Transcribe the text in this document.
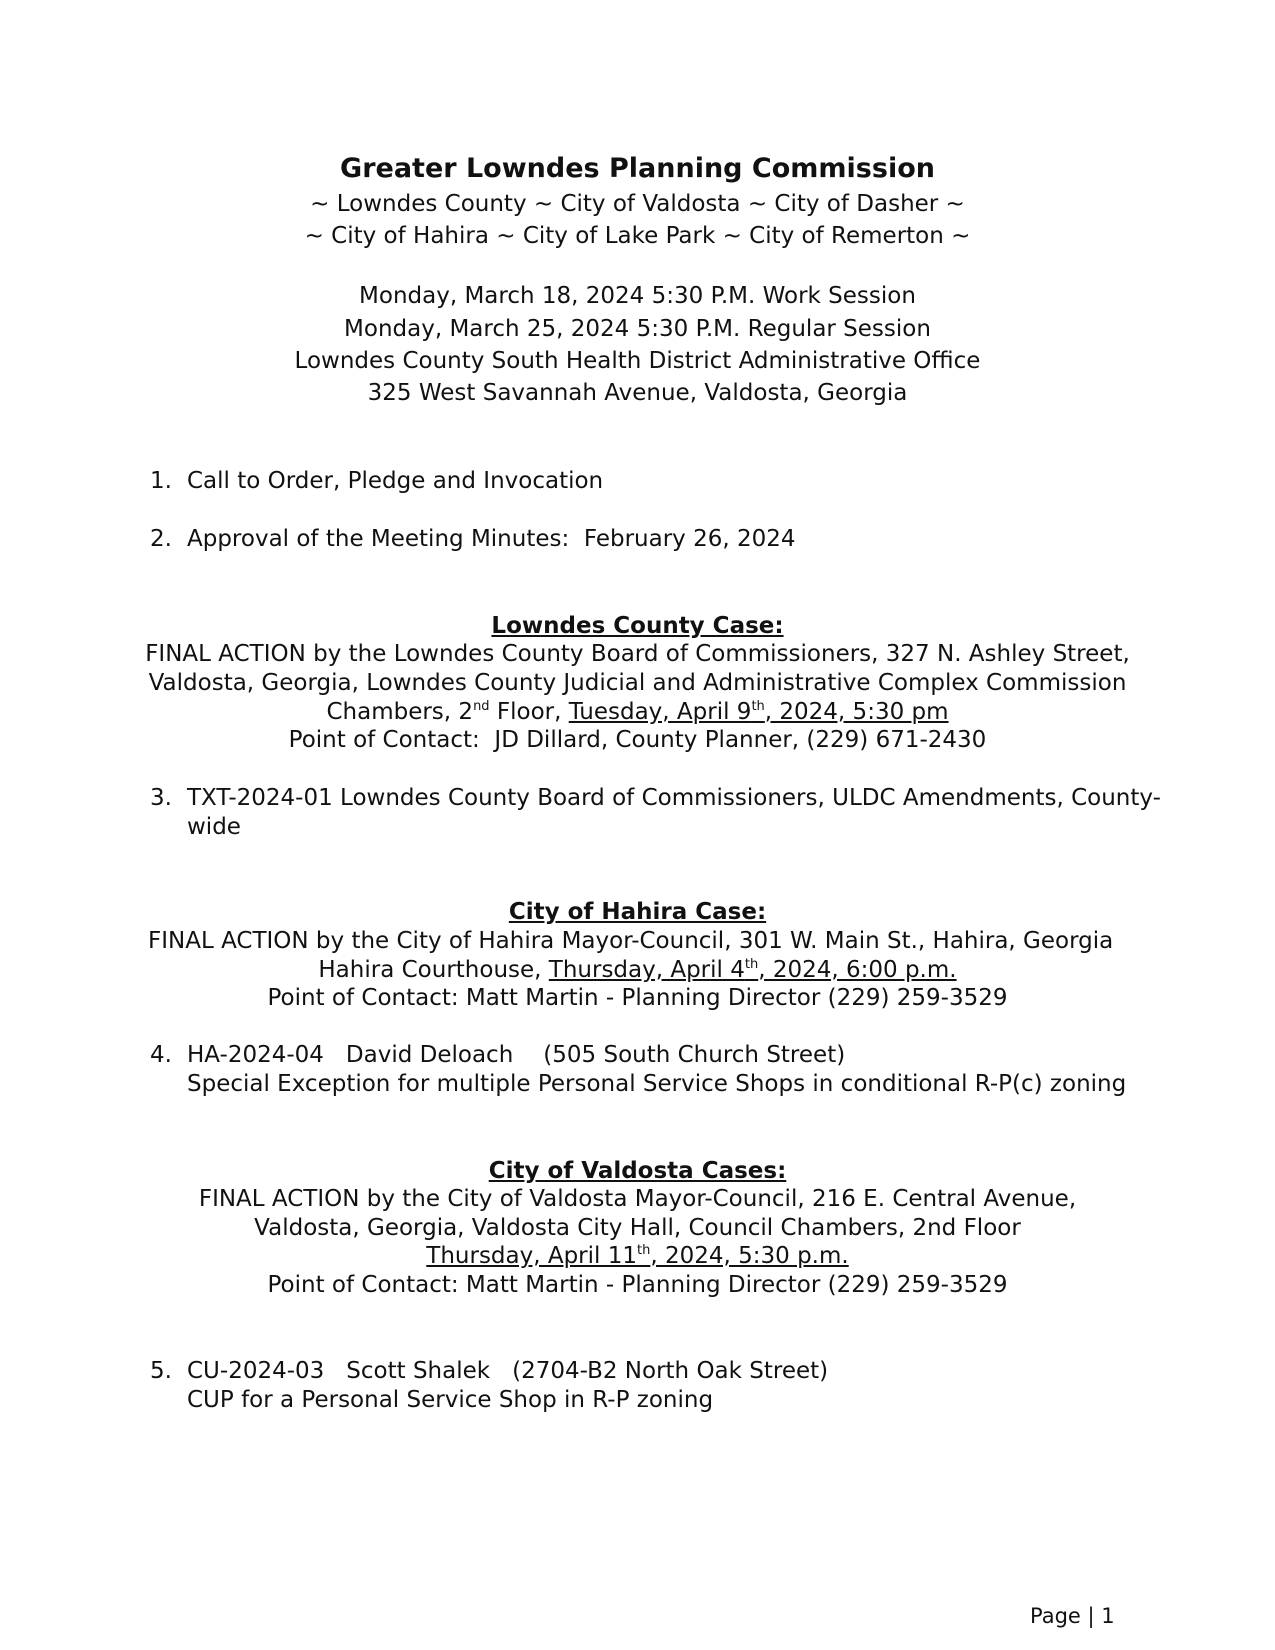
Greater Lowndes Planning Commission
~ Lowndes County ~ City of Valdosta ~ City of Dasher ~
~ City of Hahira ~ City of Lake Park ~ City of Remerton ~
Monday, March 18, 2024 5:30 P.M. Work Session
Monday, March 25, 2024 5:30 P.M. Regular Session
Lowndes County South Health District Administrative Office
325 West Savannah Avenue, Valdosta, Georgia
1. Call to Order, Pledge and Invocation
2. Approval of the Meeting Minutes:  February 26, 2024
Lowndes County Case:
FINAL ACTION by the Lowndes County Board of Commissioners, 327 N. Ashley Street,
Valdosta, Georgia, Lowndes County Judicial and Administrative Complex Commission
Chambers, 2nd Floor, Tuesday, April 9th, 2024, 5:30 pm
Point of Contact:  JD Dillard, County Planner, (229) 671-2430
3. TXT-2024-01 Lowndes County Board of Commissioners, ULDC Amendments, County-
wide
City of Hahira Case:
FINAL ACTION by the City of Hahira Mayor-Council, 301 W. Main St., Hahira, Georgia
Hahira Courthouse, Thursday, April 4th, 2024, 6:00 p.m.
Point of Contact: Matt Martin - Planning Director (229) 259-3529
4. HA-2024-04 David Deloach (505 South Church Street)
Special Exception for multiple Personal Service Shops in conditional R-P(c) zoning
City of Valdosta Cases:
FINAL ACTION by the City of Valdosta Mayor-Council, 216 E. Central Avenue,
Valdosta, Georgia, Valdosta City Hall, Council Chambers, 2nd Floor
Thursday, April 11th, 2024, 5:30 p.m.
Point of Contact: Matt Martin - Planning Director (229) 259-3529
5. CU-2024-03 Scott Shalek (2704-B2 North Oak Street)
CUP for a Personal Service Shop in R-P zoning
Page | 1
